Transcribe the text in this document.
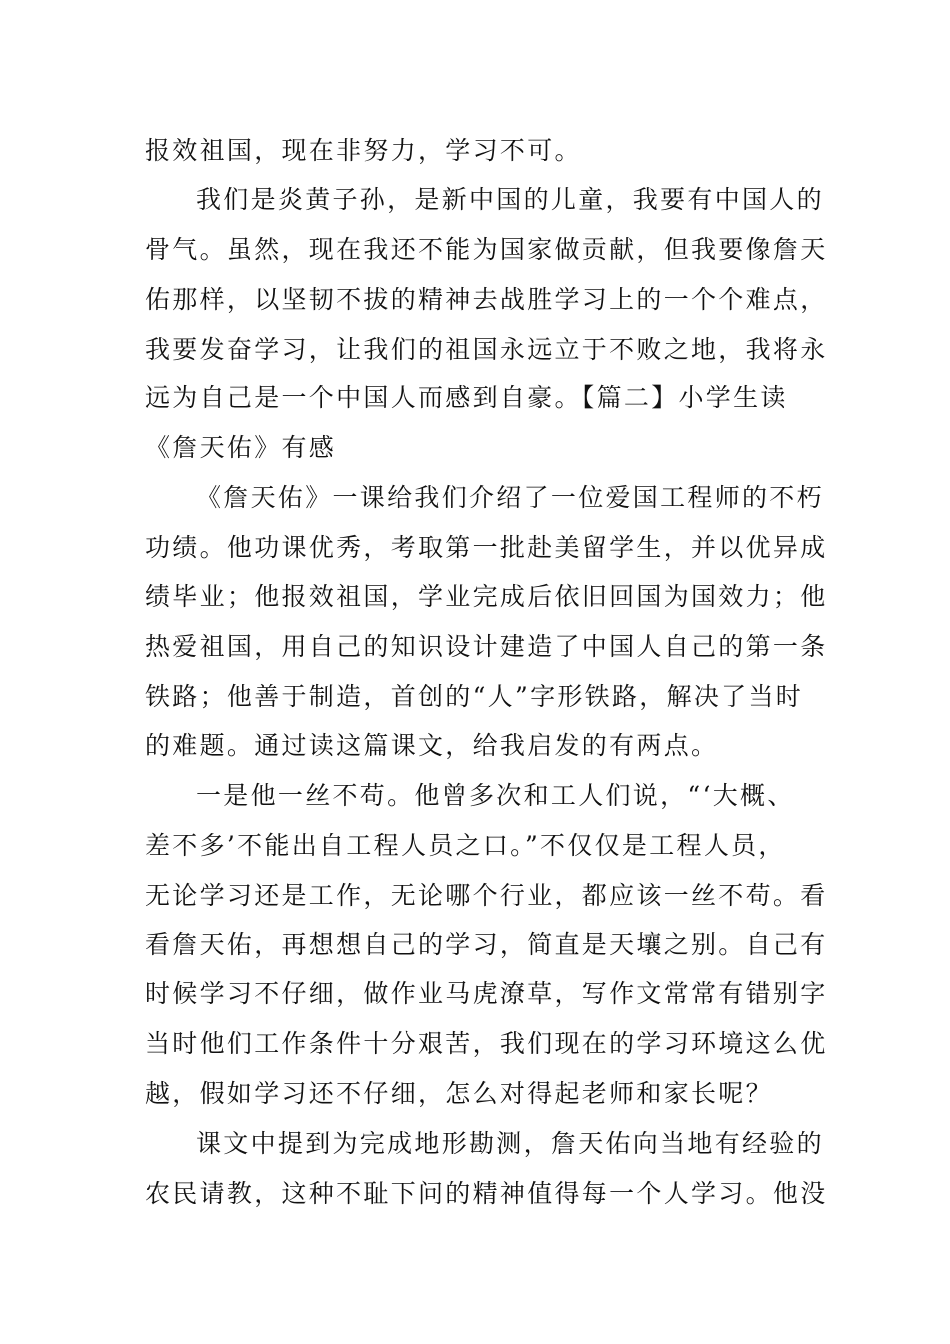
报效祖国，现在非努力，学习不可。

我们是炎黄子孙，是新中国的儿童，我要有中国人的

骨气。虽然，现在我还不能为国家做贡献，但我要像詹天

佑那样，以坚韧不拔的精神去战胜学习上的一个个难点，

我要发奋学习，让我们的祖国永远立于不败之地，我将永

远为自己是一个中国人而感到自豪。【篇二】小学生读

《詹天佑》有感

《詹天佑》一课给我们介绍了一位爱国工程师的不朽

功绩。他功课优秀，考取第一批赴美留学生，并以优异成

绩毕业；他报效祖国，学业完成后依旧回国为国效力；他

热爱祖国，用自己的知识设计建造了中国人自己的第一条

铁路；他善于制造，首创的“人”字形铁路，解决了当时

的难题。通过读这篇课文，给我启发的有两点。

一是他一丝不苟。他曾多次和工人们说，“‘大概、

差不多’不能出自工程人员之口。”不仅仅是工程人员，

无论学习还是工作，无论哪个行业，都应该一丝不苟。看

看詹天佑，再想想自己的学习，简直是天壤之别。自己有

时候学习不仔细，做作业马虎潦草，写作文常常有错别字

当时他们工作条件十分艰苦，我们现在的学习环境这么优

越，假如学习还不仔细，怎么对得起老师和家长呢？

课文中提到为完成地形勘测，詹天佑向当地有经验的

农民请教，这种不耻下问的精神值得每一个人学习。他没
